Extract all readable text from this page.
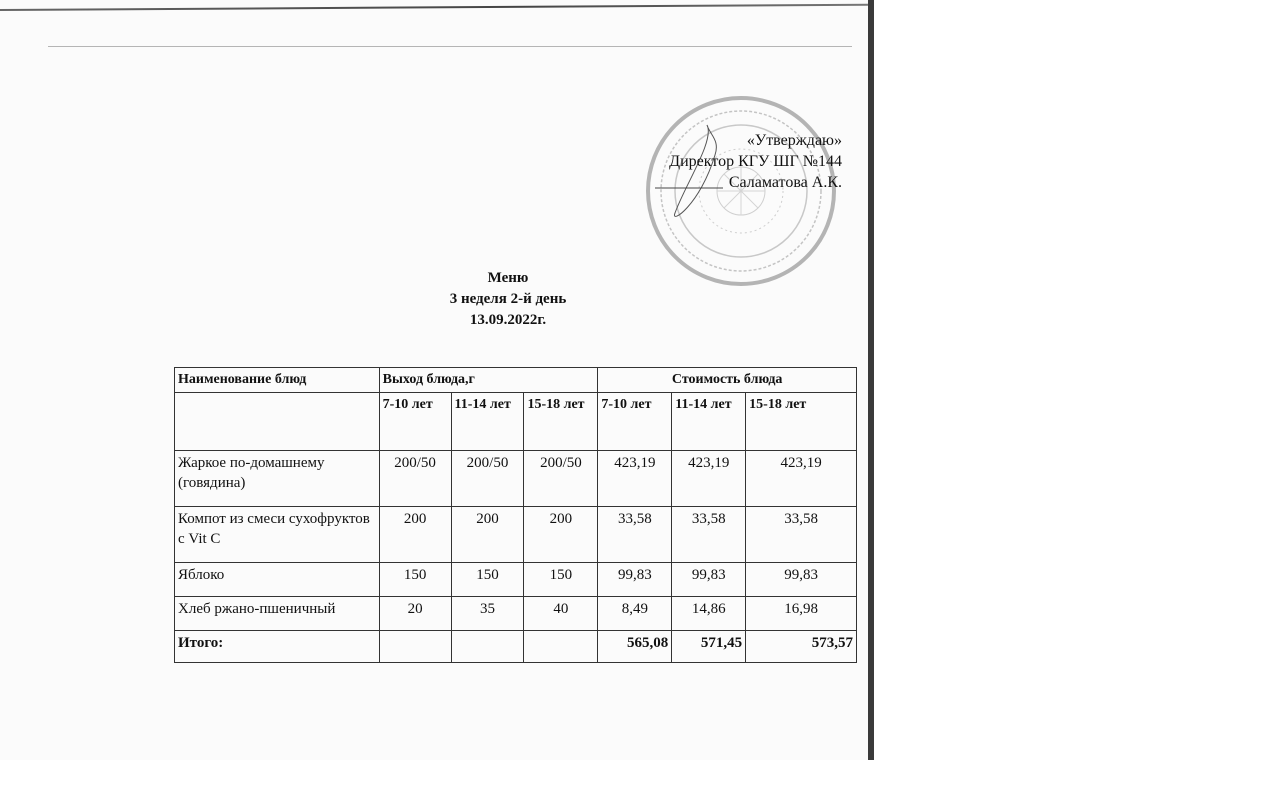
«Утверждаю»
Директор КГУ ШГ №144
Саламатова А.К.
Меню
3 неделя 2-й день
13.09.2022г.
Наименование блюд	Выход блюда,г			Стоимость блюда		
	7-10 лет	11-14 лет	15-18 лет	7-10 лет	11-14 лет	15-18 лет
Жаркое по-домашнему (говядина)	200/50	200/50	200/50	423,19	423,19	423,19
Компот из смеси сухофруктов с Vit C	200	200	200	33,58	33,58	33,58
Яблоко	150	150	150	99,83	99,83	99,83
Хлеб ржано-пшеничный	20	35	40	8,49	14,86	16,98
Итого:				565,08	571,45	573,57
